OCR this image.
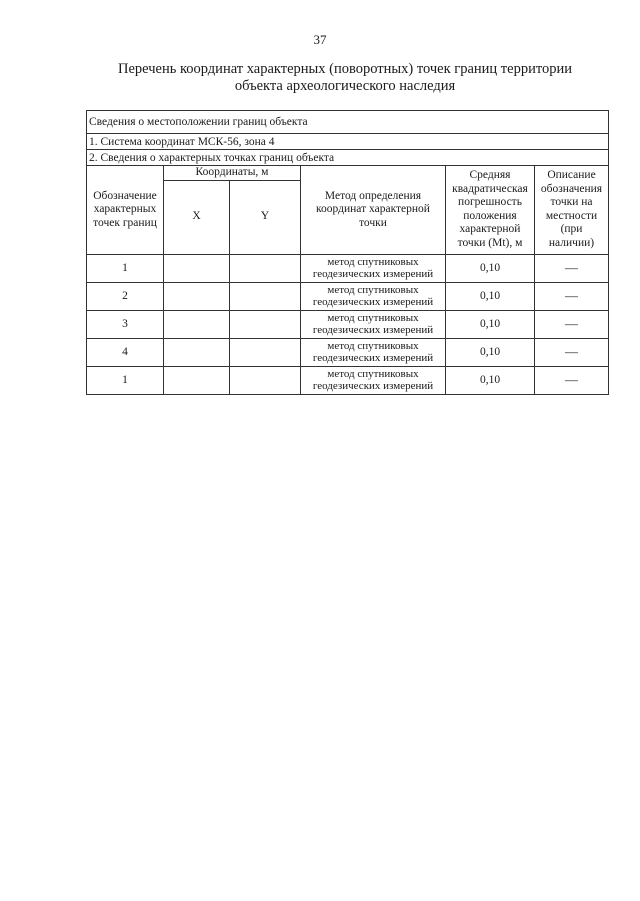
37
Перечень координат характерных (поворотных) точек границ территории
объекта археологического наследия
Сведения о местоположении границ объекта					
1. Система координат МСК-56, зона 4					
2. Сведения о характерных точках границ объекта					
Обозначение характерных точек границ	Координаты, м		Метод определения координат характерной точки	Средняя квадратическая погрешность положения характерной точки (Mt), м	Описание обозначения точки на местности (при наличии)
	X	Y			
1			метод спутниковых геодезических измерений	0,10	—
2			метод спутниковых геодезических измерений	0,10	—
3			метод спутниковых геодезических измерений	0,10	—
4			метод спутниковых геодезических измерений	0,10	—
1			метод спутниковых геодезических измерений	0,10	—
